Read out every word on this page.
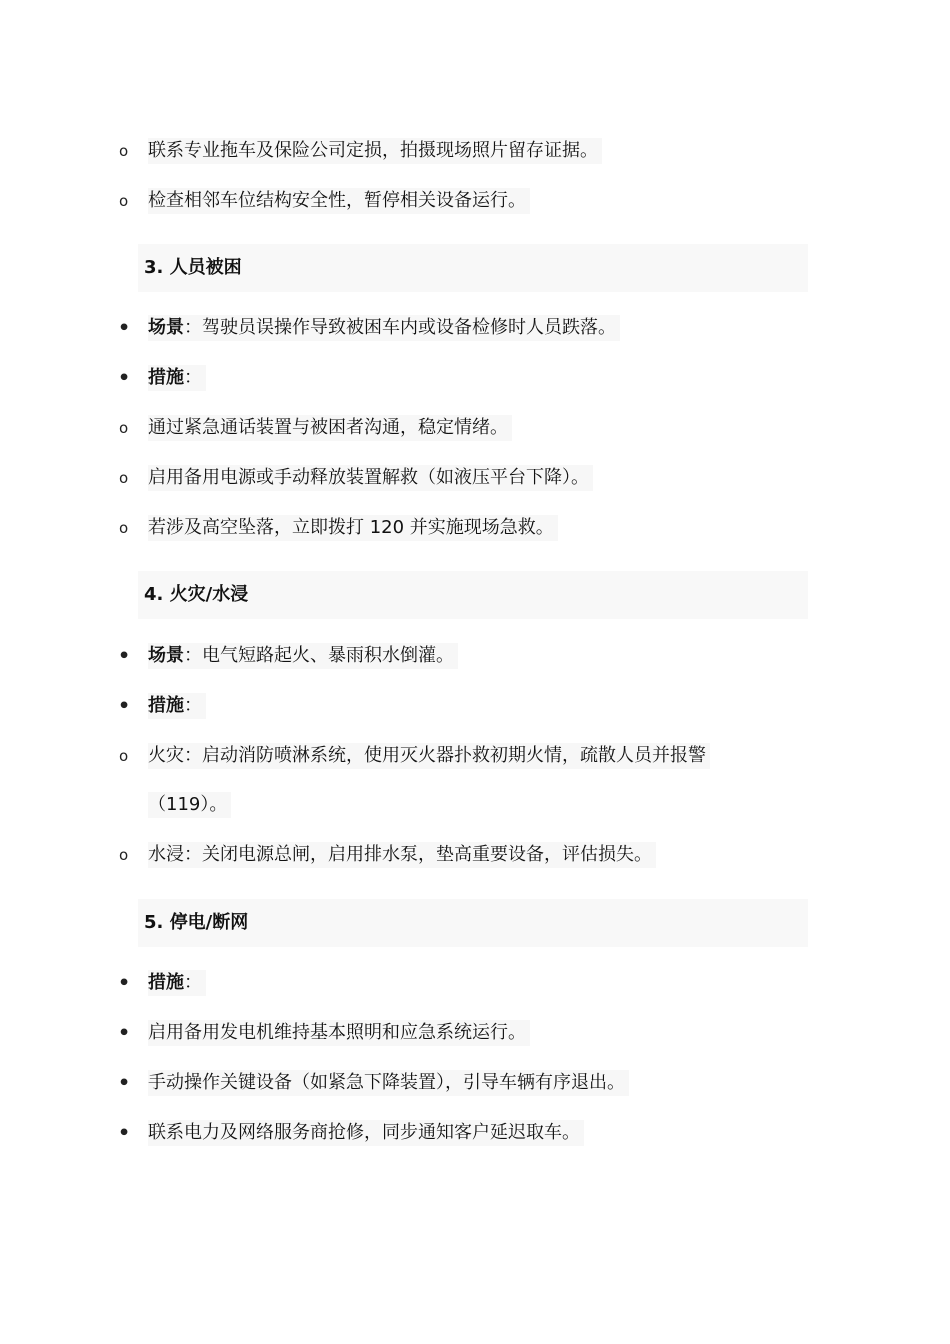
o 联系专业拖车及保险公司定损，拍摄现场照片留存证据。
o 检查相邻车位结构安全性，暂停相关设备运行。
3. 人员被困
• 场景：驾驶员误操作导致被困车内或设备检修时人员跌落。
• 措施：
o 通过紧急通话装置与被困者沟通，稳定情绪。
o 启用备用电源或手动释放装置解救（如液压平台下降）。
o 若涉及高空坠落，立即拨打 120 并实施现场急救。
4. 火灾/水浸
• 场景：电气短路起火、暴雨积水倒灌。
• 措施：
o 火灾：启动消防喷淋系统，使用灭火器扑救初期火情，疏散人员并报警
（119）。
o 水浸：关闭电源总闸，启用排水泵，垫高重要设备，评估损失。
5. 停电/断网
• 措施：
• 启用备用发电机维持基本照明和应急系统运行。
• 手动操作关键设备（如紧急下降装置），引导车辆有序退出。
• 联系电力及网络服务商抢修，同步通知客户延迟取车。
